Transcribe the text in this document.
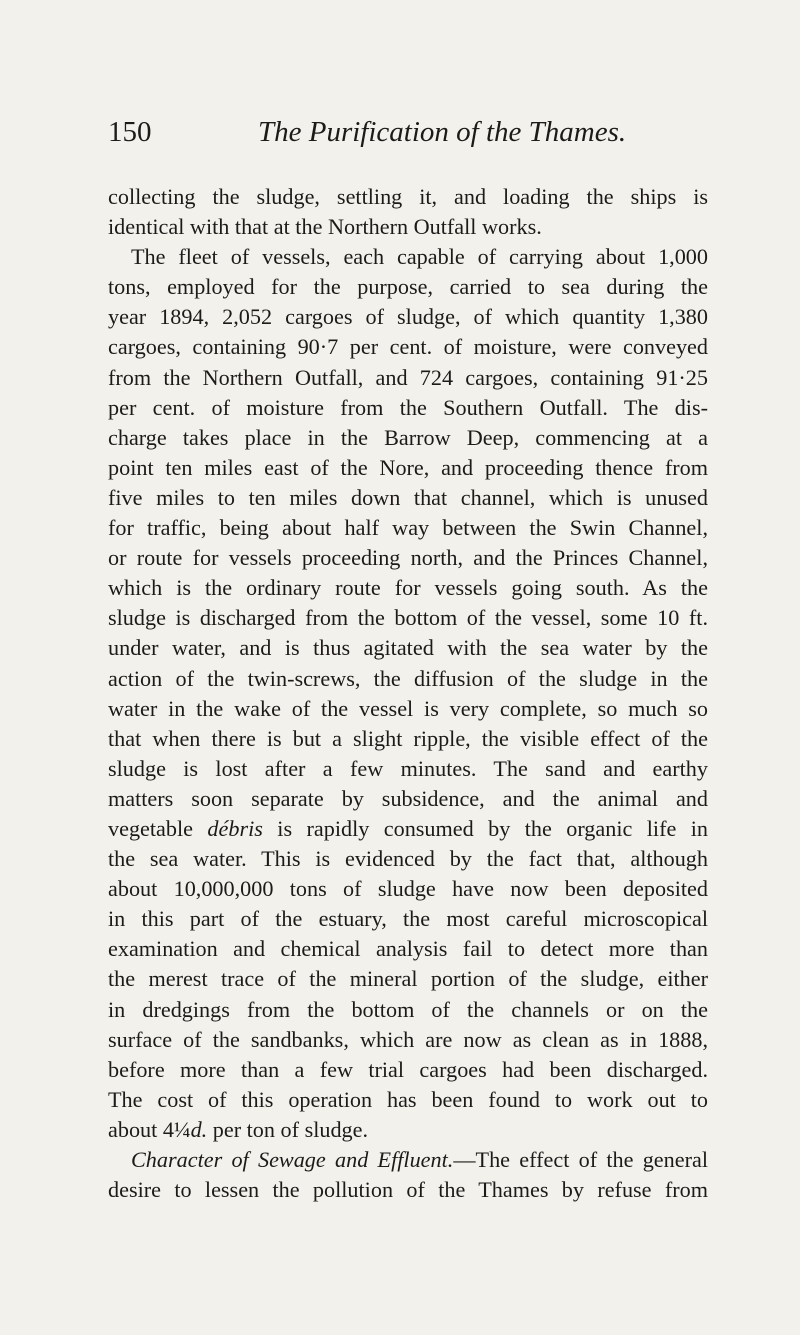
150	The Purification of the Thames.
collecting the sludge, settling it, and loading the ships is
identical with that at the Northern Outfall works.
The fleet of vessels, each capable of carrying about 1,000
tons, employed for the purpose, carried to sea during the
year 1894, 2,052 cargoes of sludge, of which quantity 1,380
cargoes, containing 90·7 per cent. of moisture, were conveyed
from the Northern Outfall, and 724 cargoes, containing 91·25
per cent. of moisture from the Southern Outfall. The dis-
charge takes place in the Barrow Deep, commencing at a
point ten miles east of the Nore, and proceeding thence from
five miles to ten miles down that channel, which is unused
for traffic, being about half way between the Swin Channel,
or route for vessels proceeding north, and the Princes Channel,
which is the ordinary route for vessels going south. As the
sludge is discharged from the bottom of the vessel, some 10 ft.
under water, and is thus agitated with the sea water by the
action of the twin-screws, the diffusion of the sludge in the
water in the wake of the vessel is very complete, so much so
that when there is but a slight ripple, the visible effect of the
sludge is lost after a few minutes. The sand and earthy
matters soon separate by subsidence, and the animal and
vegetable débris is rapidly consumed by the organic life in
the sea water. This is evidenced by the fact that, although
about 10,000,000 tons of sludge have now been deposited
in this part of the estuary, the most careful microscopical
examination and chemical analysis fail to detect more than
the merest trace of the mineral portion of the sludge, either
in dredgings from the bottom of the channels or on the
surface of the sandbanks, which are now as clean as in 1888,
before more than a few trial cargoes had been discharged.
The cost of this operation has been found to work out to
about 4¼d. per ton of sludge.
Character of Sewage and Effluent.—The effect of the general
desire to lessen the pollution of the Thames by refuse from
